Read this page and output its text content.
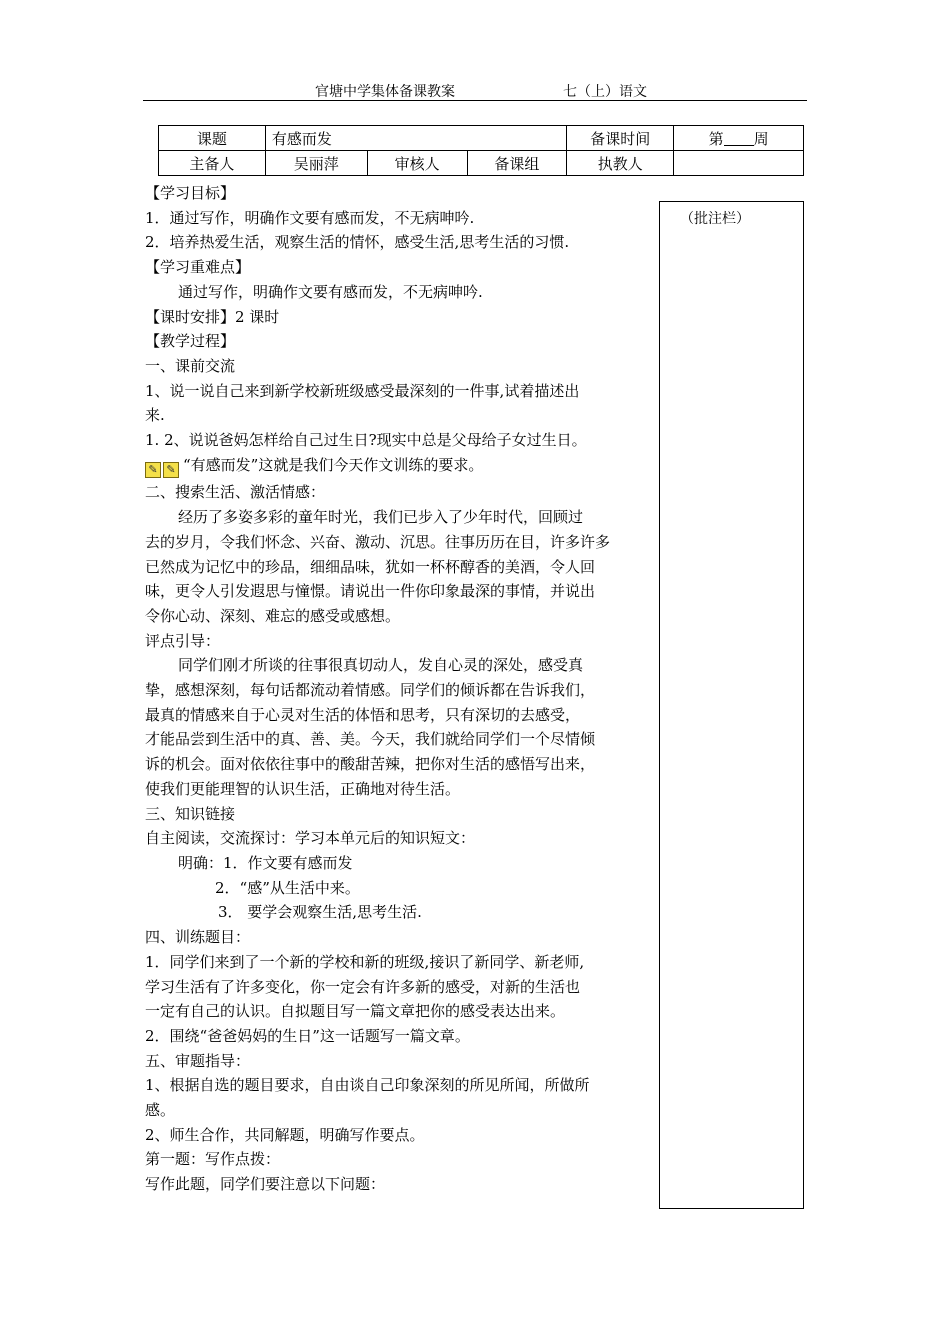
官塘中学集体备课教案	七（上）语文
课题	有感而发			备课时间	第 周
主备人	吴丽萍	审核人	备课组	执教人	
（批注栏）

【学习目标】

1．通过写作，明确作文要有感而发，不无病呻吟.

2．培养热爱生活，观察生活的情怀，感受生活,思考生活的习惯.

【学习重难点】

通过写作，明确作文要有感而发，不无病呻吟.

【课时安排】2 课时

【教学过程】

一、课前交流

1、说一说自己来到新学校新班级感受最深刻的一件事,试着描述出

来.

1. 2、说说爸妈怎样给自己过生日?现实中总是父母给子女过生日。

✎ ✎ “有感而发”这就是我们今天作文训练的要求。

二、搜索生活、激活情感：

经历了多姿多彩的童年时光，我们已步入了少年时代，回顾过

去的岁月，令我们怀念、兴奋、激动、沉思。往事历历在目，许多许多

已然成为记忆中的珍品，细细品味，犹如一杯杯醇香的美酒，令人回

味，更令人引发遐思与憧憬。请说出一件你印象最深的事情，并说出

令你心动、深刻、难忘的感受或感想。

评点引导：

同学们刚才所谈的往事很真切动人，发自心灵的深处，感受真

挚，感想深刻，每句话都流动着情感。同学们的倾诉都在告诉我们，

最真的情感来自于心灵对生活的体悟和思考，只有深切的去感受，

才能品尝到生活中的真、善、美。今天，我们就给同学们一个尽情倾

诉的机会。面对依依往事中的酸甜苦辣，把你对生活的感悟写出来，

使我们更能理智的认识生活，正确地对待生活。

三、知识链接

自主阅读，交流探讨：学习本单元后的知识短文：

明确：1．作文要有感而发

2．“感”从生活中来。

3． 要学会观察生活,思考生活.

四、训练题目：

1．同学们来到了一个新的学校和新的班级,接识了新同学、新老师,

学习生活有了许多变化，你一定会有许多新的感受，对新的生活也

一定有自己的认识。自拟题目写一篇文章把你的感受表达出来。

2．围绕“爸爸妈妈的生日”这一话题写一篇文章。

五、审题指导：

1、根据自选的题目要求，自由谈自己印象深刻的所见所闻，所做所

感。

2、师生合作，共同解题，明确写作要点。

第一题：写作点拨：

写作此题，同学们要注意以下问题：
